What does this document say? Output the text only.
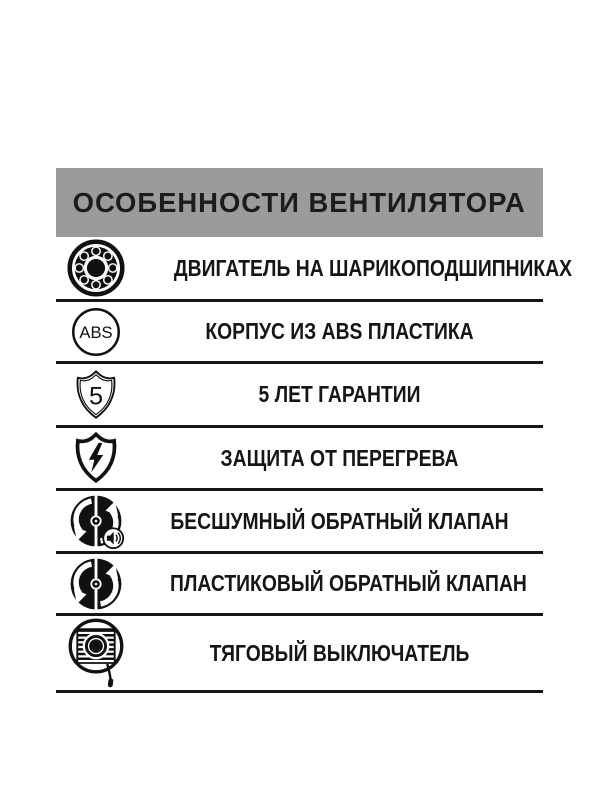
ОСОБЕННОСТИ ВЕНТИЛЯТОРА
ДВИГАТЕЛЬ НА ШАРИКОПОДШИПНИКАХ
ABS	КОРПУС ИЗ ABS ПЛАСТИКА
5	5 ЛЕТ ГАРАНТИИ
ЗАЩИТА ОТ ПЕРЕГРЕВА
БЕСШУМНЫЙ ОБРАТНЫЙ КЛАПАН
ПЛАСТИКОВЫЙ ОБРАТНЫЙ КЛАПАН
ТЯГОВЫЙ ВЫКЛЮЧАТЕЛЬ
